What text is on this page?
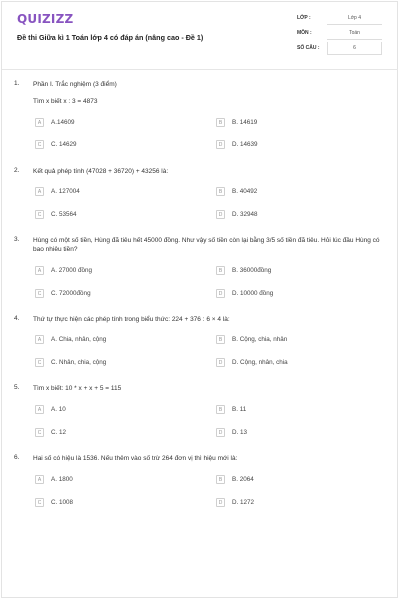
QUIZIZZ
Đề thi Giữa kì 1 Toán lớp 4 có đáp án (nâng cao - Đề 1)
LỚP :	Lớp 4
MÔN :	Toán
SỐ CÂU :	6
1. Phần I. Trắc nghiệm (3 điểm)
Tìm x biết x : 3 = 4873
A	A.14609	B	B. 14619
C	C. 14629	D	D. 14639
2. Kết quả phép tính (47028 + 36720) + 43256 là:
A	A. 127004	B	B. 40492
C	C. 53564	D	D. 32948
3. Hùng có một số tiền, Hùng đã tiêu hết 45000 đồng. Như vậy số tiền còn lại bằng 3/5 số tiền đã tiêu. Hỏi lúc đầu Hùng có bao nhiêu tiền?
A	A. 27000 đồng	B	B. 36000đồng
C	C. 72000đồng	D	D. 10000 đồng
4. Thứ tự thực hiện các phép tính trong biểu thức: 224 + 376 : 6 × 4 là:
A	A. Chia, nhân, cộng	B	B. Cộng, chia, nhân
C	C. Nhân, chia, cộng	D	D. Cộng, nhân, chia
5. Tìm x biết: 10 * x + x + 5 = 115
A	A. 10	B	B. 11
C	C. 12	D	D. 13
6. Hai số có hiệu là 1536. Nếu thêm vào số trừ 264 đơn vị thì hiệu mới là:
A	A. 1800	B	B. 2064
C	C. 1008	D	D. 1272
